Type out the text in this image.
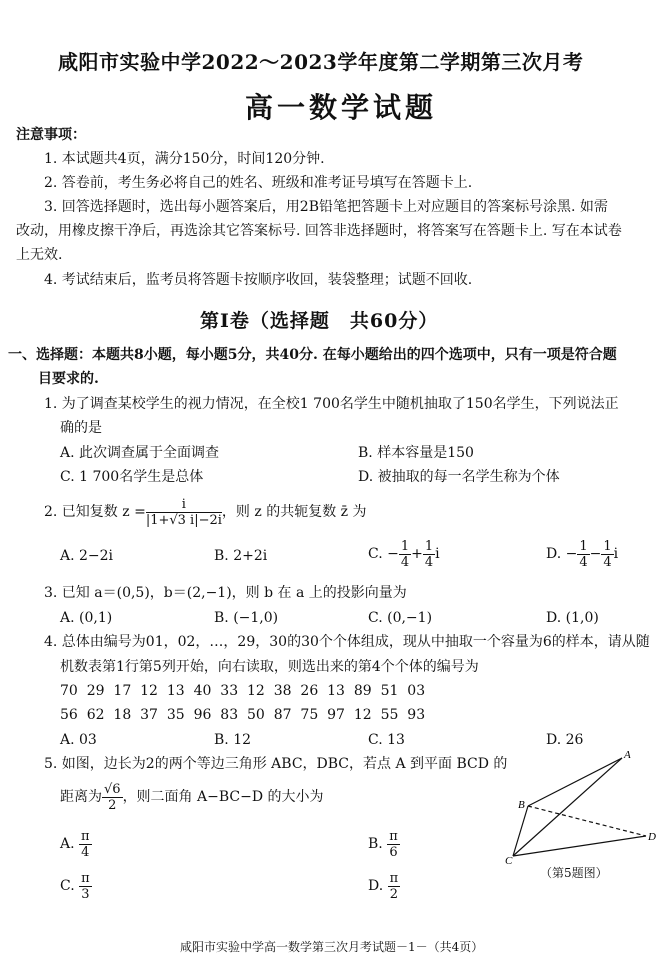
咸阳市实验中学2022～2023学年度第二学期第三次月考
高一数学试题
注意事项：
1. 本试题共4页，满分150分，时间120分钟.
2. 答卷前，考生务必将自己的姓名、班级和准考证号填写在答题卡上.
3. 回答选择题时，选出每小题答案后，用2B铅笔把答题卡上对应题目的答案标号涂黑. 如需
改动，用橡皮擦干净后，再选涂其它答案标号. 回答非选择题时，将答案写在答题卡上. 写在本试卷
上无效.
4. 考试结束后，监考员将答题卡按顺序收回，装袋整理；试题不回收.
第Ⅰ卷（选择题　共60分）
一、选择题：本题共8小题，每小题5分，共40分. 在每小题给出的四个选项中，只有一项是符合题
目要求的.
1. 为了调查某校学生的视力情况，在全校1 700名学生中随机抽取了150名学生，下列说法正
确的是
A. 此次调查属于全面调查	B. 样本容量是150
C. 1 700名学生是总体	D. 被抽取的每一名学生称为个体
2. 已知复数 $z = \frac{i}{|1+√3 i|-2i}$ ，则 z 的共轭复数 z̄ 为
A. 2−2i	B. 2+2i	C. − $\frac{1}{4} + \frac{1}{4}$ i	D. − $\frac{1}{4} - \frac{1}{4}$ i
3. 已知 a＝(0,5)，b＝(2,−1)，则 b 在 a 上的投影向量为
A. (0,1)	B. (−1,0)	C. (0,−1)	D. (1,0)
4. 总体由编号为01，02，…，29，30的30个个体组成，现从中抽取一个容量为6的样本，请从随
机数表第1行第5列开始，向右读取，则选出来的第4个个体的编号为
70  29  17  12  13  40  33  12  38  26  13  89  51  03
56  62  18  37  35  96  83  50  87  75  97  12  55  93
A. 03	B. 12	C. 13	D. 26
5. 如图，边长为2的两个等边三角形 ABC，DBC，若点 A 到平面 BCD 的
距离为 $\frac{√6}{2}$ ，则二面角 A−BC−D 的大小为
A. $\frac{\pi}{4}$	B. $\frac{\pi}{6}$
C. $\frac{\pi}{3}$	D. $\frac{\pi}{2}$
A
B
C
D
（第5题图）
咸阳市实验中学高一数学第三次月考试题－1－（共4页）
